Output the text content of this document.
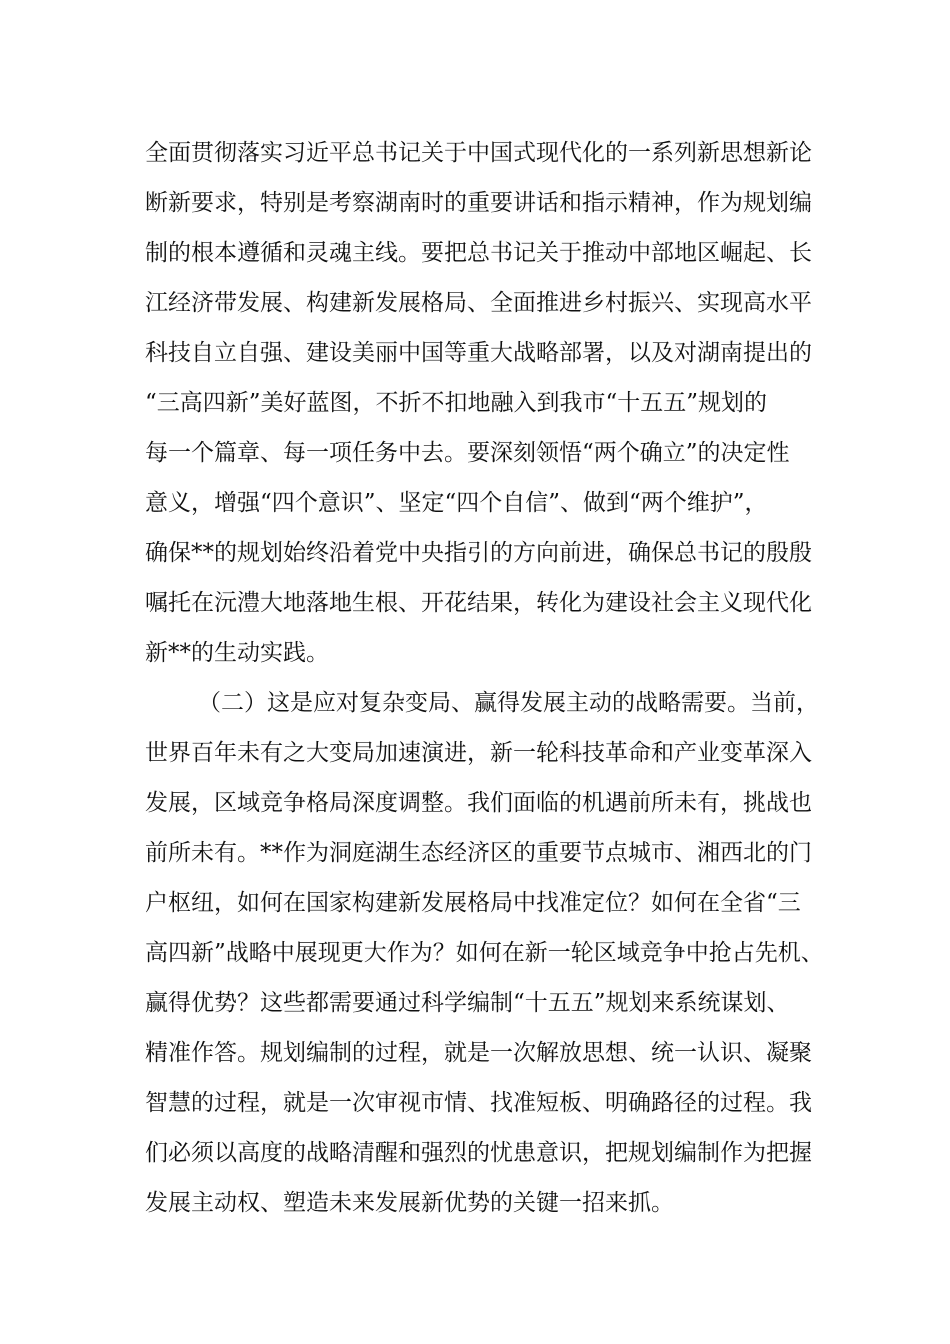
全面贯彻落实习近平总书记关于中国式现代化的一系列新思想新论
断新要求，特别是考察湖南时的重要讲话和指示精神，作为规划编
制的根本遵循和灵魂主线。要把总书记关于推动中部地区崛起、长
江经济带发展、构建新发展格局、全面推进乡村振兴、实现高水平
科技自立自强、建设美丽中国等重大战略部署，以及对湖南提出的
“三高四新”美好蓝图，不折不扣地融入到我市“十五五”规划的
每一个篇章、每一项任务中去。要深刻领悟“两个确立”的决定性
意义，增强“四个意识”、坚定“四个自信”、做到“两个维护”，
确保**的规划始终沿着党中央指引的方向前进，确保总书记的殷殷
嘱托在沅澧大地落地生根、开花结果，转化为建设社会主义现代化
新**的生动实践。
（二）这是应对复杂变局、赢得发展主动的战略需要。当前，
世界百年未有之大变局加速演进，新一轮科技革命和产业变革深入
发展，区域竞争格局深度调整。我们面临的机遇前所未有，挑战也
前所未有。**作为洞庭湖生态经济区的重要节点城市、湘西北的门
户枢纽，如何在国家构建新发展格局中找准定位？如何在全省“三
高四新”战略中展现更大作为？如何在新一轮区域竞争中抢占先机、
赢得优势？这些都需要通过科学编制“十五五”规划来系统谋划、
精准作答。规划编制的过程，就是一次解放思想、统一认识、凝聚
智慧的过程，就是一次审视市情、找准短板、明确路径的过程。我
们必须以高度的战略清醒和强烈的忧患意识，把规划编制作为把握
发展主动权、塑造未来发展新优势的关键一招来抓。
